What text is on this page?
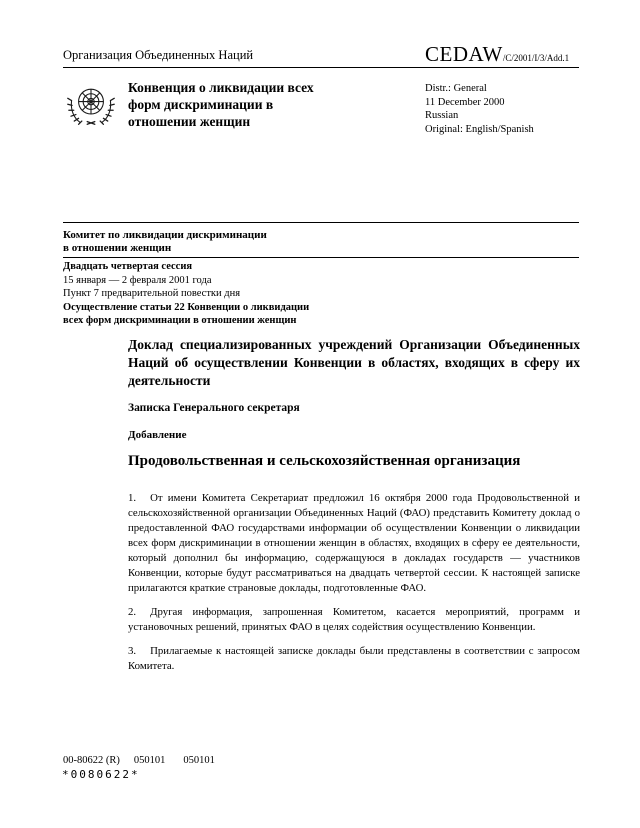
Организация Объединенных Наций	CEDAW/C/2001/I/3/Add.1
Конвенция о ликвидации всех
форм дискриминации в
отношении женщин
Distr.: General
11 December 2000
Russian
Original: English/Spanish
Комитет по ликвидации дискриминации
в отношении женщин
Двадцать четвертая сессия
15 января — 2 февраля 2001 года
Пункт 7 предварительной повестки дня
Осуществление статьи 22 Конвенции о ликвидации
всех форм дискриминации в отношении женщин
Доклад специализированных учреждений Организации Объединенных Наций об осуществлении Конвенции в областях, входящих в сферу их деятельности
Записка Генерального секретаря
Добавление
Продовольственная и сельскохозяйственная организация

1. От имени Комитета Секретариат предложил 16 октября 2000 года Продовольственной и сельскохозяйственной организации Объединенных Наций (ФАО) представить Комитету доклад о предоставленной ФАО государствами информации об осуществлении Конвенции о ликвидации всех форм дискриминации в отношении женщин в областях, входящих в сферу ее деятельности, который дополнил бы информацию, содержащуюся в докладах государств — участников Конвенции, которые будут рассматриваться на двадцать четвертой сессии. К настоящей записке прилагаются краткие страновые доклады, подготовленные ФАО.

2. Другая информация, запрошенная Комитетом, касается мероприятий, программ и установочных решений, принятых ФАО в целях содействия осуществлению Конвенции.

3. Прилагаемые к настоящей записке доклады были представлены в соответствии с запросом Комитета.

00-80622 (R) 050101 050101
*0080622*
